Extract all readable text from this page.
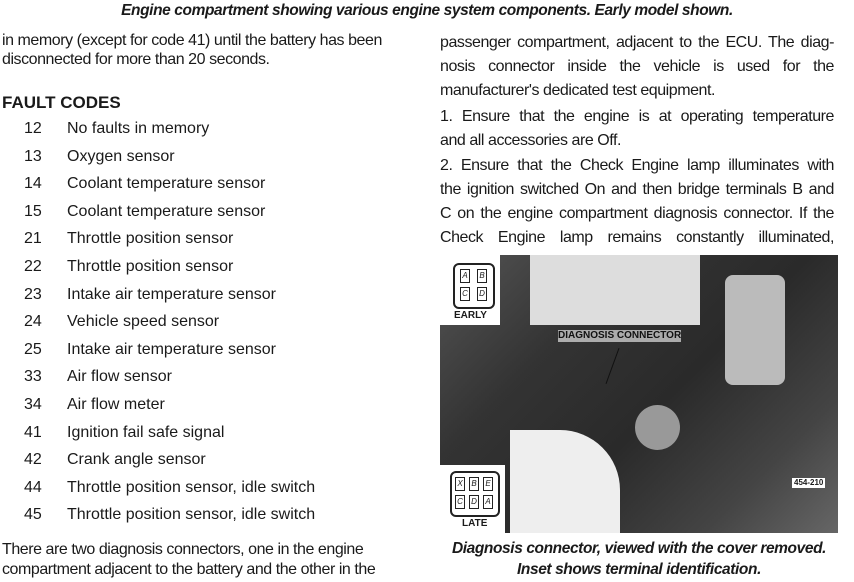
Engine compartment showing various engine system components. Early model shown.
in memory (except for code 41) until the battery has been
disconnected for more than 20 seconds.
FAULT CODES
12	No faults in memory
13	Oxygen sensor
14	Coolant temperature sensor
15	Coolant temperature sensor
21	Throttle position sensor
22	Throttle position sensor
23	Intake air temperature sensor
24	Vehicle speed sensor
25	Intake air temperature sensor
33	Air flow sensor
34	Air flow meter
41	Ignition fail safe signal
42	Crank angle sensor
44	Throttle position sensor, idle switch
45	Throttle position sensor, idle switch
There are two diagnosis connectors, one in the engine
compartment adjacent to the battery and the other in the
passenger compartment, adjacent to the ECU. The diag-
nosis connector inside the vehicle is used for the
manufacturer's dedicated test equipment.
1. Ensure that the engine is at operating temperature
and all accessories are Off.
2. Ensure that the Check Engine lamp illuminates with
the ignition switched On and then bridge terminals B and
C on the engine compartment diagnosis connector. If the
Check Engine lamp remains constantly illuminated,
A B
C D
EARLY
X B E
C D A
LATE
DIAGNOSIS CONNECTOR
454-210
Diagnosis connector, viewed with the cover removed.
Inset shows terminal identification.
